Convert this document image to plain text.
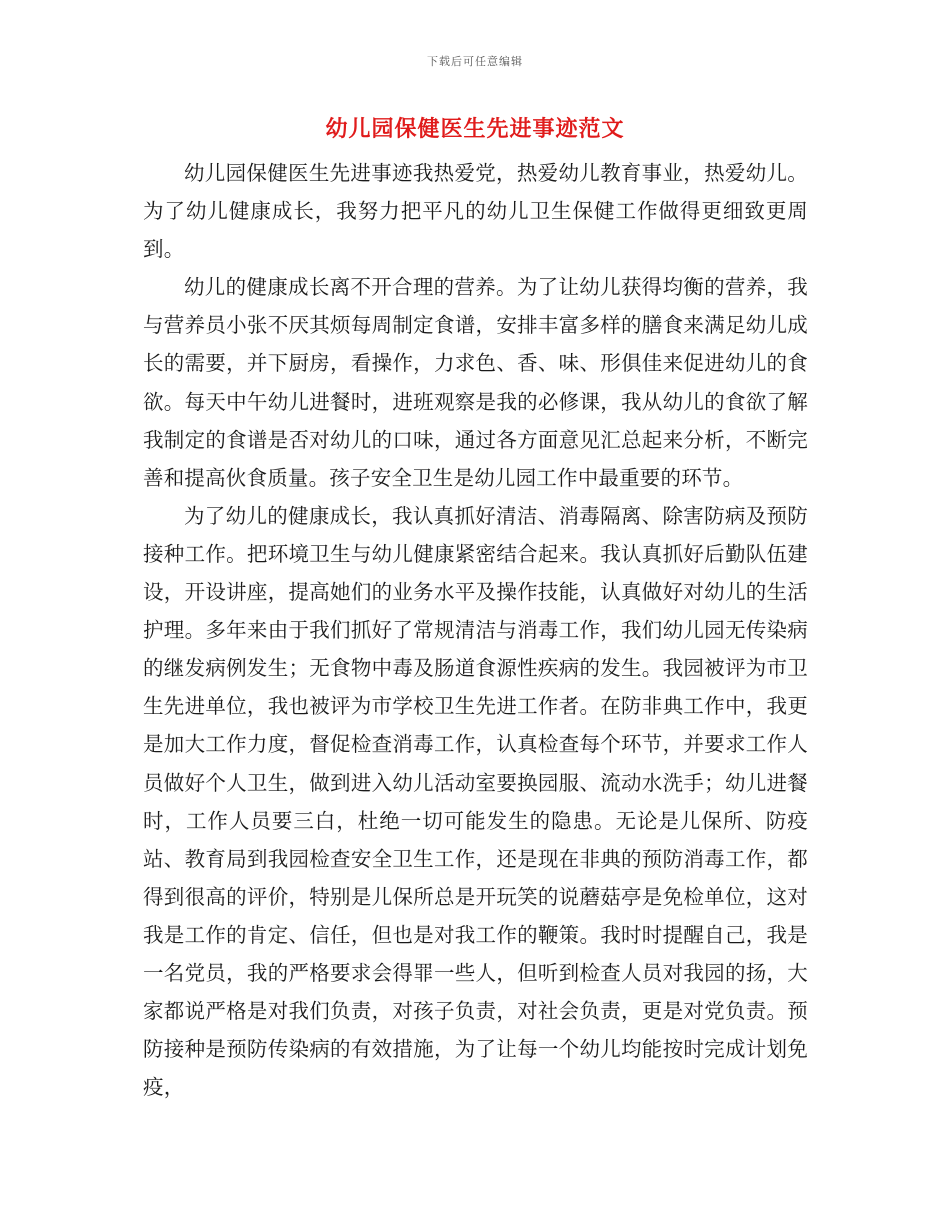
下载后可任意编辑
幼儿园保健医生先进事迹范文

幼儿园保健医生先进事迹我热爱党，热爱幼儿教育事业，热爱幼儿。为了幼儿健康成长，我努力把平凡的幼儿卫生保健工作做得更细致更周到。

幼儿的健康成长离不开合理的营养。为了让幼儿获得均衡的营养，我与营养员小张不厌其烦每周制定食谱，安排丰富多样的膳食来满足幼儿成长的需要，并下厨房，看操作，力求色、香、味、形俱佳来促进幼儿的食欲。每天中午幼儿进餐时，进班观察是我的必修课，我从幼儿的食欲了解我制定的食谱是否对幼儿的口味，通过各方面意见汇总起来分析，不断完善和提高伙食质量。孩子安全卫生是幼儿园工作中最重要的环节。

为了幼儿的健康成长，我认真抓好清洁、消毒隔离、除害防病及预防接种工作。把环境卫生与幼儿健康紧密结合起来。我认真抓好后勤队伍建设，开设讲座，提高她们的业务水平及操作技能，认真做好对幼儿的生活护理。多年来由于我们抓好了常规清洁与消毒工作，我们幼儿园无传染病的继发病例发生；无食物中毒及肠道食源性疾病的发生。我园被评为市卫生先进单位，我也被评为市学校卫生先进工作者。在防非典工作中，我更是加大工作力度，督促检查消毒工作，认真检查每个环节，并要求工作人员做好个人卫生，做到进入幼儿活动室要换园服、流动水洗手；幼儿进餐时，工作人员要三白，杜绝一切可能发生的隐患。无论是儿保所、防疫站、教育局到我园检查安全卫生工作，还是现在非典的预防消毒工作，都得到很高的评价，特别是儿保所总是开玩笑的说蘑菇亭是免检单位，这对我是工作的肯定、信任，但也是对我工作的鞭策。我时时提醒自己，我是一名党员，我的严格要求会得罪一些人，但听到检查人员对我园的扬，大家都说严格是对我们负责，对孩子负责，对社会负责，更是对党负责。预防接种是预防传染病的有效措施，为了让每一个幼儿均能按时完成计划免疫，
